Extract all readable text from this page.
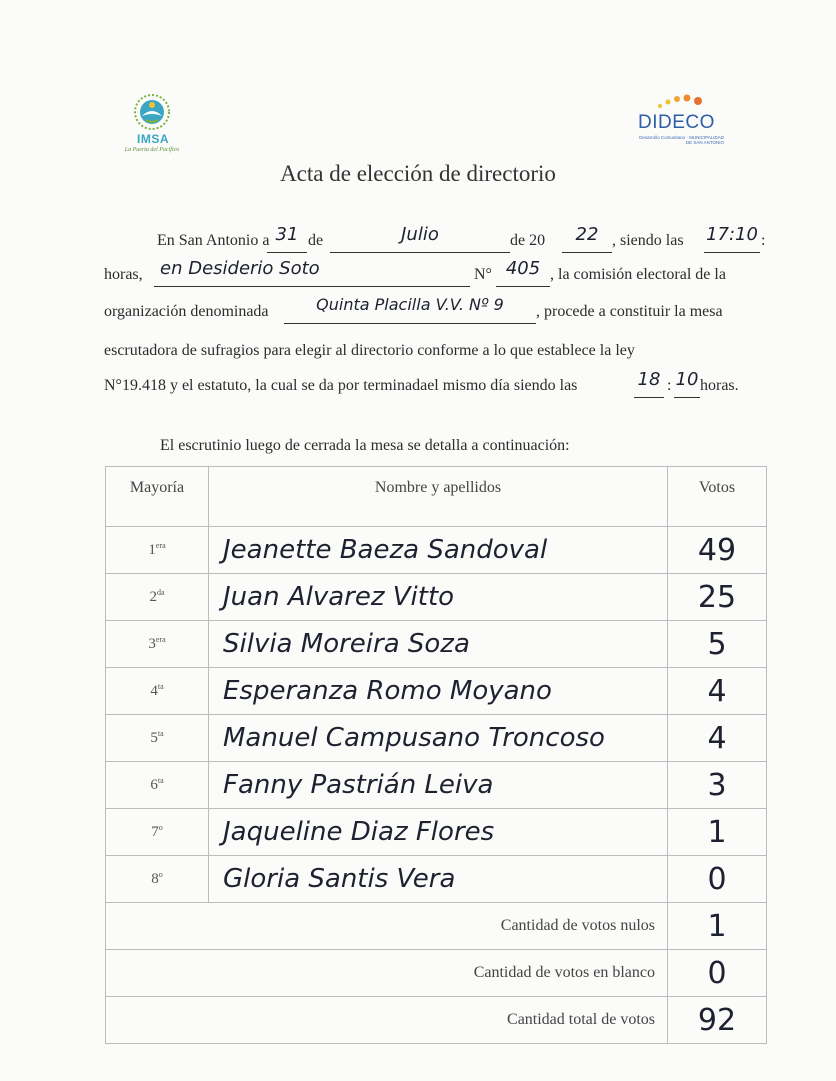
IMSA
La Puerta del Pacífico
DIDECO
Desarrollo Comunitario · MUNICIPALIDAD DE SAN ANTONIO
Acta de elección de directorio
En San Antonio a 31 de	Julio	de 20	22 , siendo las 17:10 :
horas, en Desiderio Soto	N° 405 , la comisión electoral de la
organización denominada	Quinta Placilla V.V. Nº 9	, procede a constituir la mesa
escrutadora de sufragios para elegir al directorio conforme a lo que establece la ley
N°19.418 y el estatuto, la cual se da por terminadael mismo día siendo las	18 : 10 horas.
El escrutinio luego de cerrada la mesa se detalla a continuación:
Mayoría	Nombre y apellidos	Votos
$1^{era}$	Jeanette Baeza Sandoval	49
$2^{da}$	Juan Alvarez Vitto	25
$3^{era}$	Silvia Moreira Soza	5
$4^{ta}$	Esperanza Romo Moyano	4
$5^{ta}$	Manuel Campusano Troncoso	4
$6^{ta}$	Fanny Pastrián Leiva	3
7$^o$	Jaqueline Diaz Flores	1
8$^o$	Gloria Santis Vera	0
Cantidad de votos nulos		1
Cantidad de votos en blanco		0
Cantidad total de votos		92
